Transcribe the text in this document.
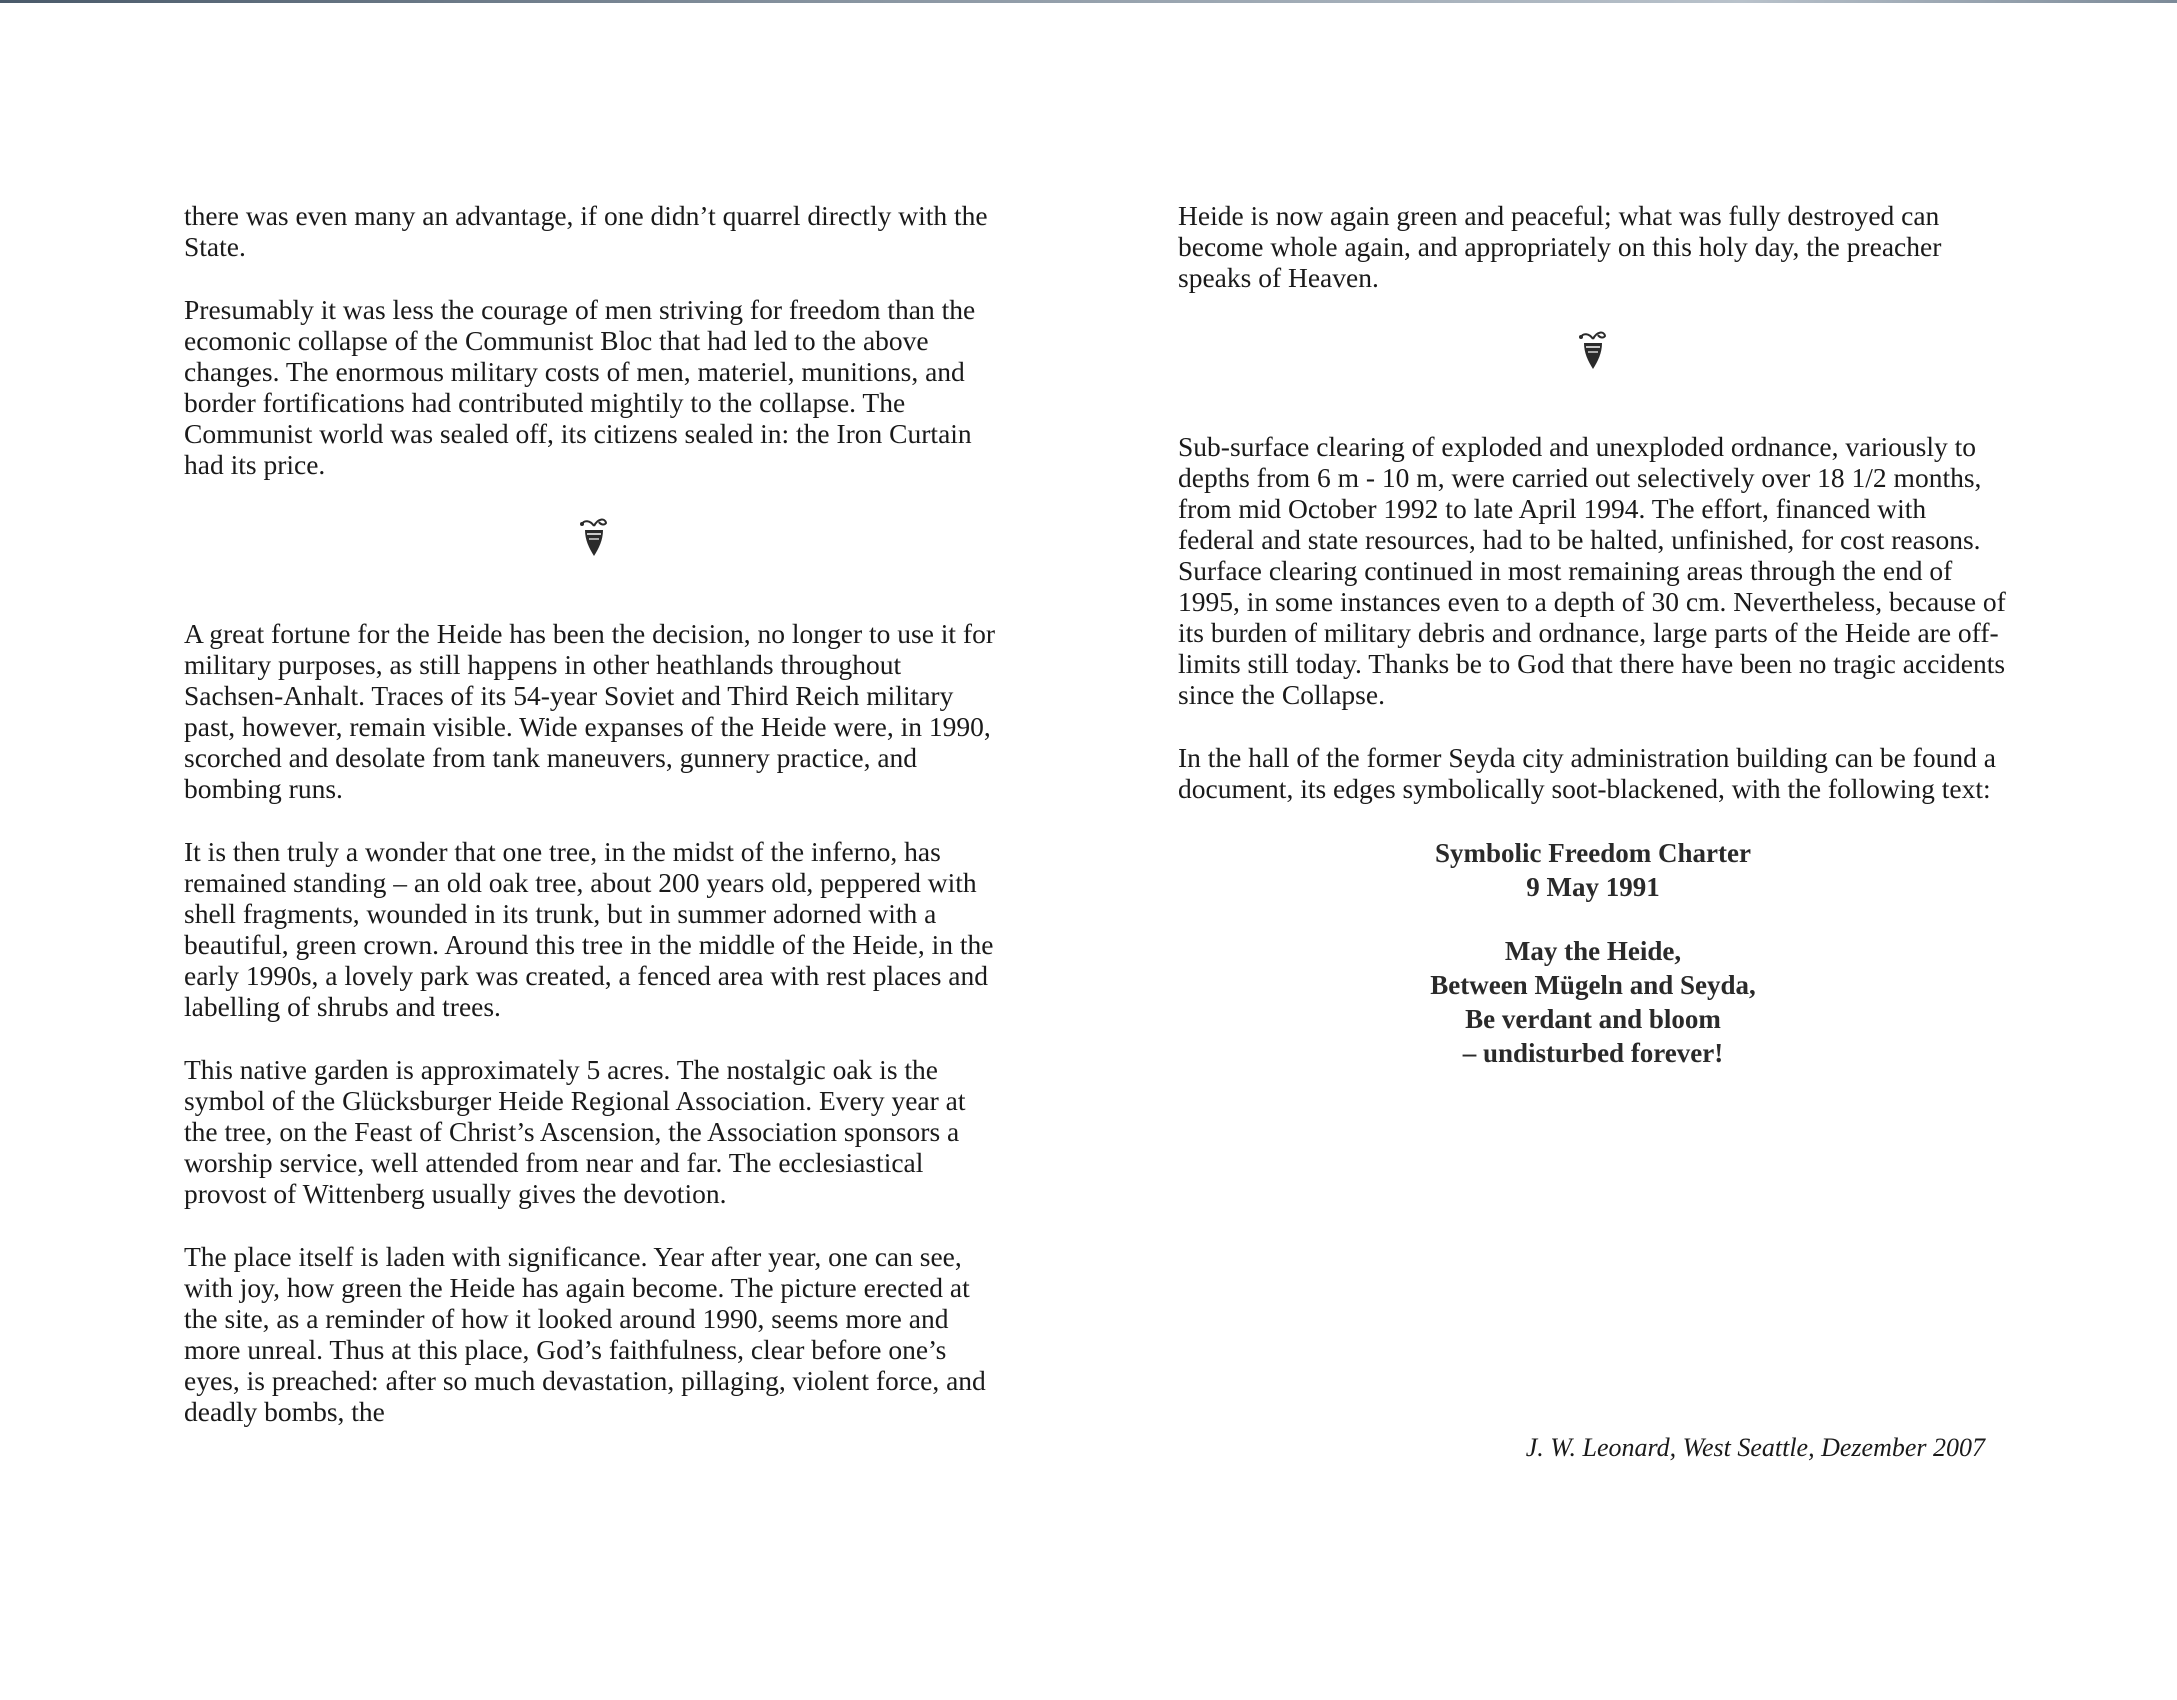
there was even many an advantage, if one didn’t quarrel directly with the State.

Presumably it was less the courage of men striving for freedom than the ecomonic collapse of the Communist Bloc that had led to the above changes. The enormous military costs of men, materiel, munitions, and border fortifications had contributed mightily to the collapse. The Communist world was sealed off, its citizens sealed in: the Iron Curtain had its price.

A great fortune for the Heide has been the decision, no longer to use it for military purposes, as still happens in other heathlands throughout Sachsen-Anhalt. Traces of its 54-year Soviet and Third Reich military past, however, remain visible. Wide expanses of the Heide were, in 1990, scorched and desolate from tank maneuvers, gunnery practice, and bombing runs.

It is then truly a wonder that one tree, in the midst of the inferno, has remained standing – an old oak tree, about 200 years old, peppered with shell fragments, wounded in its trunk, but in summer adorned with a beautiful, green crown. Around this tree in the middle of the Heide, in the early 1990s, a lovely park was created, a fenced area with rest places and labelling of shrubs and trees.

This native garden is approximately 5 acres. The nostalgic oak is the symbol of the Glücksburger Heide Regional Association. Every year at the tree, on the Feast of Christ’s Ascension, the Association sponsors a worship service, well attended from near and far. The ecclesiastical provost of Wittenberg usually gives the devotion.

The place itself is laden with significance. Year after year, one can see, with joy, how green the Heide has again become. The picture erected at the site, as a reminder of how it looked around 1990, seems more and more unreal. Thus at this place, God’s faithfulness, clear before one’s eyes, is preached: after so much devastation, pillaging, violent force, and deadly bombs, the

Heide is now again green and peaceful; what was fully destroyed can become whole again, and appropriately on this holy day, the preacher speaks of Heaven.

Sub-surface clearing of exploded and unexploded ordnance, variously to depths from 6 m - 10 m, were carried out selectively over 18 1/2 months, from mid October 1992 to late April 1994. The effort, financed with federal and state resources, had to be halted, unfinished, for cost reasons. Surface clearing continued in most remaining areas through the end of 1995, in some instances even to a depth of 30 cm. Nevertheless, because of its burden of military debris and ordnance, large parts of the Heide are off-limits still today. Thanks be to God that there have been no tragic accidents since the Collapse.

In the hall of the former Seyda city administration building can be found a document, its edges symbolically soot-blackened, with the following text:

Symbolic Freedom Charter
9 May 1991
May the Heide,
Between Mügeln and Seyda,
Be verdant and bloom
– undisturbed forever!
J. W. Leonard, West Seattle, Dezember 2007
